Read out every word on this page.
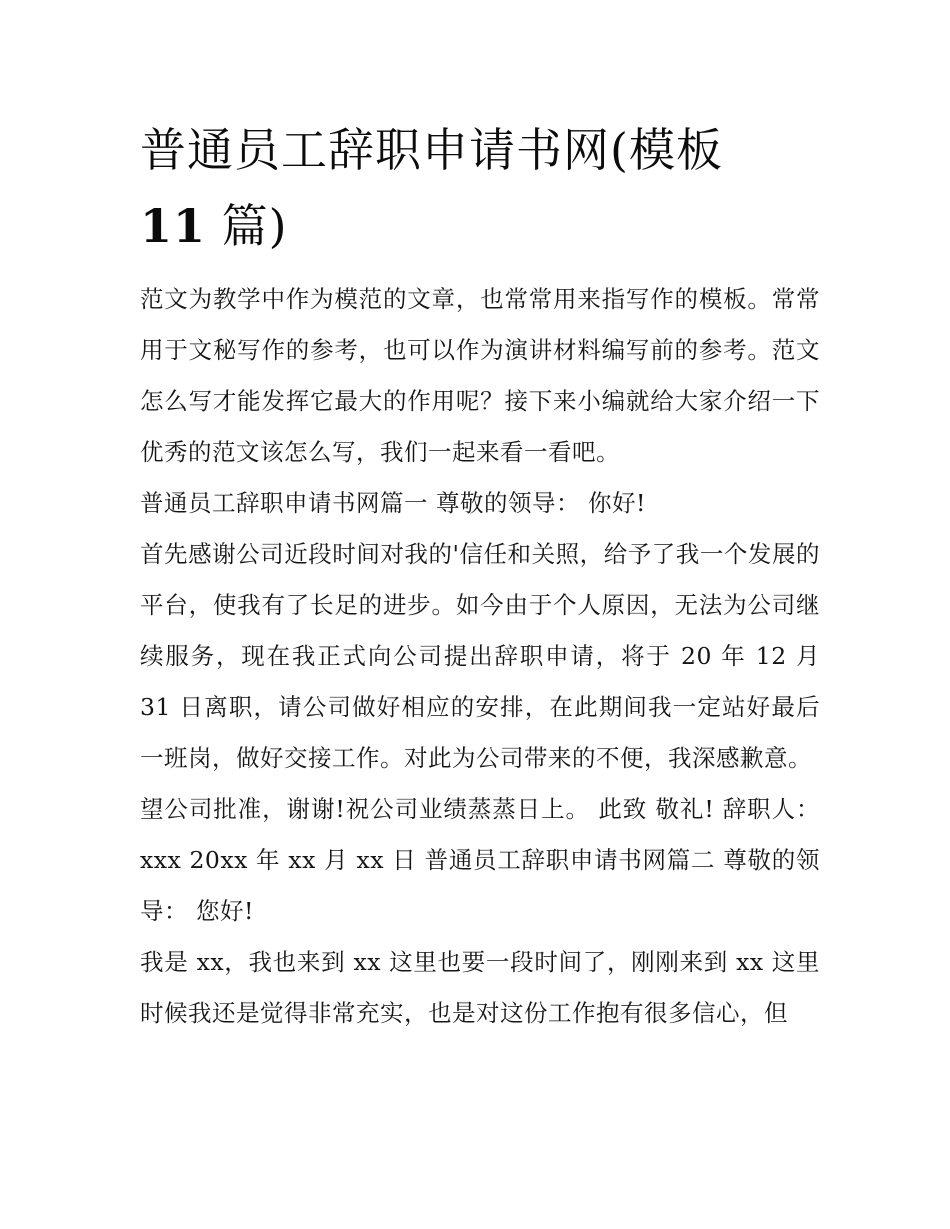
普通员工辞职申请书网(模板
11 篇)

范文为教学中作为模范的文章，也常常用来指写作的模板。常常用于文秘写作的参考，也可以作为演讲材料编写前的参考。范文怎么写才能发挥它最大的作用呢？接下来小编就给大家介绍一下优秀的范文该怎么写，我们一起来看一看吧。

普通员工辞职申请书网篇一 尊敬的领导： 你好!

首先感谢公司近段时间对我的'信任和关照，给予了我一个发展的平台，使我有了长足的进步。如今由于个人原因，无法为公司继续服务，现在我正式向公司提出辞职申请，将于 20 年 12 月 31 日离职，请公司做好相应的安排，在此期间我一定站好最后一班岗，做好交接工作。对此为公司带来的不便，我深感歉意。

望公司批准，谢谢!祝公司业绩蒸蒸日上。 此致 敬礼! 辞职人：xxx 20xx 年 xx 月 xx 日 普通员工辞职申请书网篇二 尊敬的领导： 您好!

我是 xx，我也来到 xx 这里也要一段时间了，刚刚来到 xx 这里时候我还是觉得非常充实，也是对这份工作抱有很多信心，但
